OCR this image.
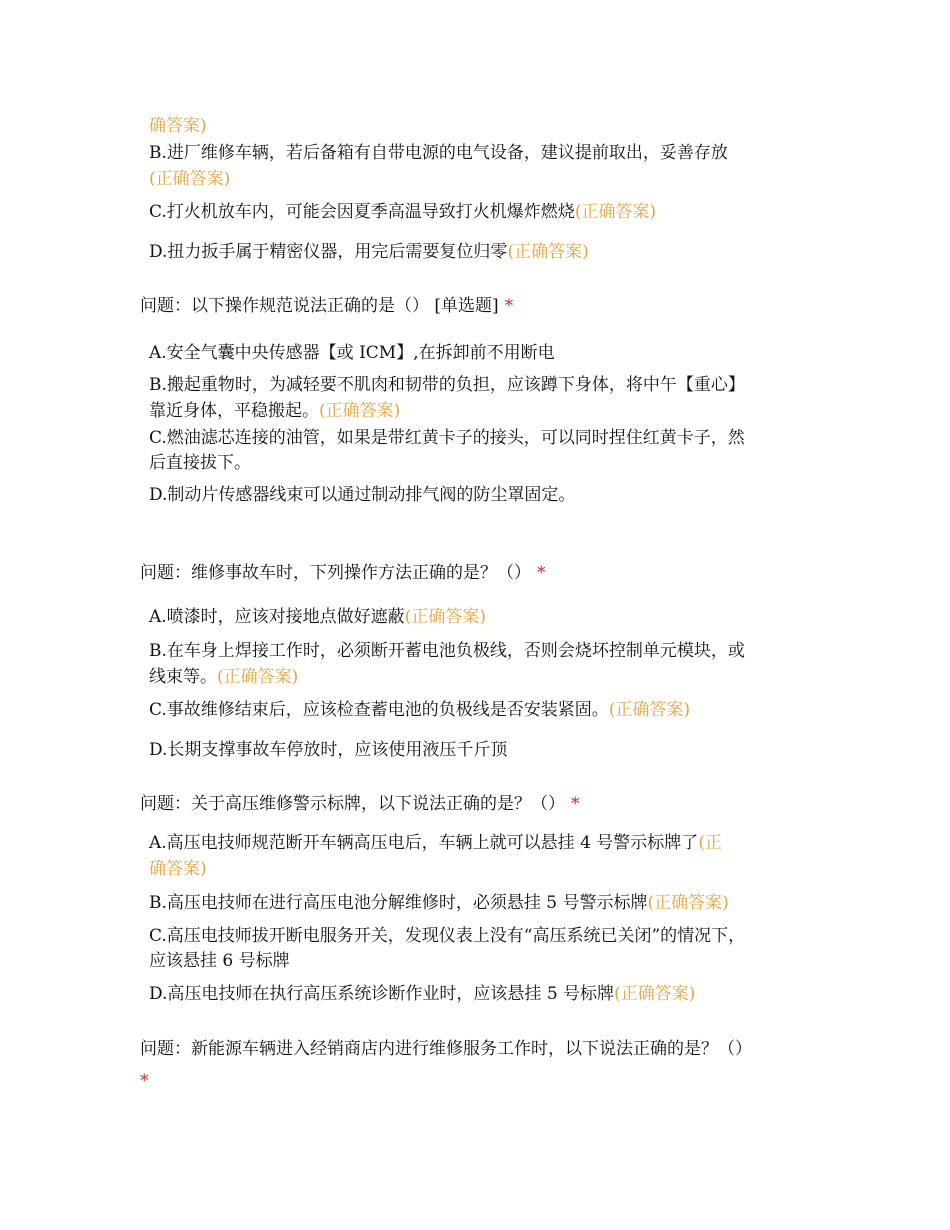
确答案)
B.进厂维修车辆，若后备箱有自带电源的电气设备，建议提前取出，妥善存放
(正确答案)
C.打火机放车内，可能会因夏季高温导致打火机爆炸燃烧(正确答案)
D.扭力扳手属于精密仪器，用完后需要复位归零(正确答案)
问题：以下操作规范说法正确的是（） [单选题] *
A.安全气囊中央传感器【或 ICM】,在拆卸前不用断电
B.搬起重物时，为减轻要不肌肉和韧带的负担，应该蹲下身体，将中午【重心】
靠近身体，平稳搬起。(正确答案)
C.燃油滤芯连接的油管，如果是带红黄卡子的接头，可以同时捏住红黄卡子，然
后直接拔下。
D.制动片传感器线束可以通过制动排气阀的防尘罩固定。
问题：维修事故车时，下列操作方法正确的是？（） *
A.喷漆时，应该对接地点做好遮蔽(正确答案)
B.在车身上焊接工作时，必须断开蓄电池负极线，否则会烧坏控制单元模块，或
线束等。(正确答案)
C.事故维修结束后，应该检查蓄电池的负极线是否安装紧固。(正确答案)
D.长期支撑事故车停放时，应该使用液压千斤顶
问题：关于高压维修警示标牌，以下说法正确的是？（） *
A.高压电技师规范断开车辆高压电后，车辆上就可以悬挂 4 号警示标牌了(正
确答案)
B.高压电技师在进行高压电池分解维修时，必须悬挂 5 号警示标牌(正确答案)
C.高压电技师拔开断电服务开关，发现仪表上没有“高压系统已关闭”的情况下，
应该悬挂 6 号标牌
D.高压电技师在执行高压系统诊断作业时，应该悬挂 5 号标牌(正确答案)
问题：新能源车辆进入经销商店内进行维修服务工作时，以下说法正确的是？（）
*
